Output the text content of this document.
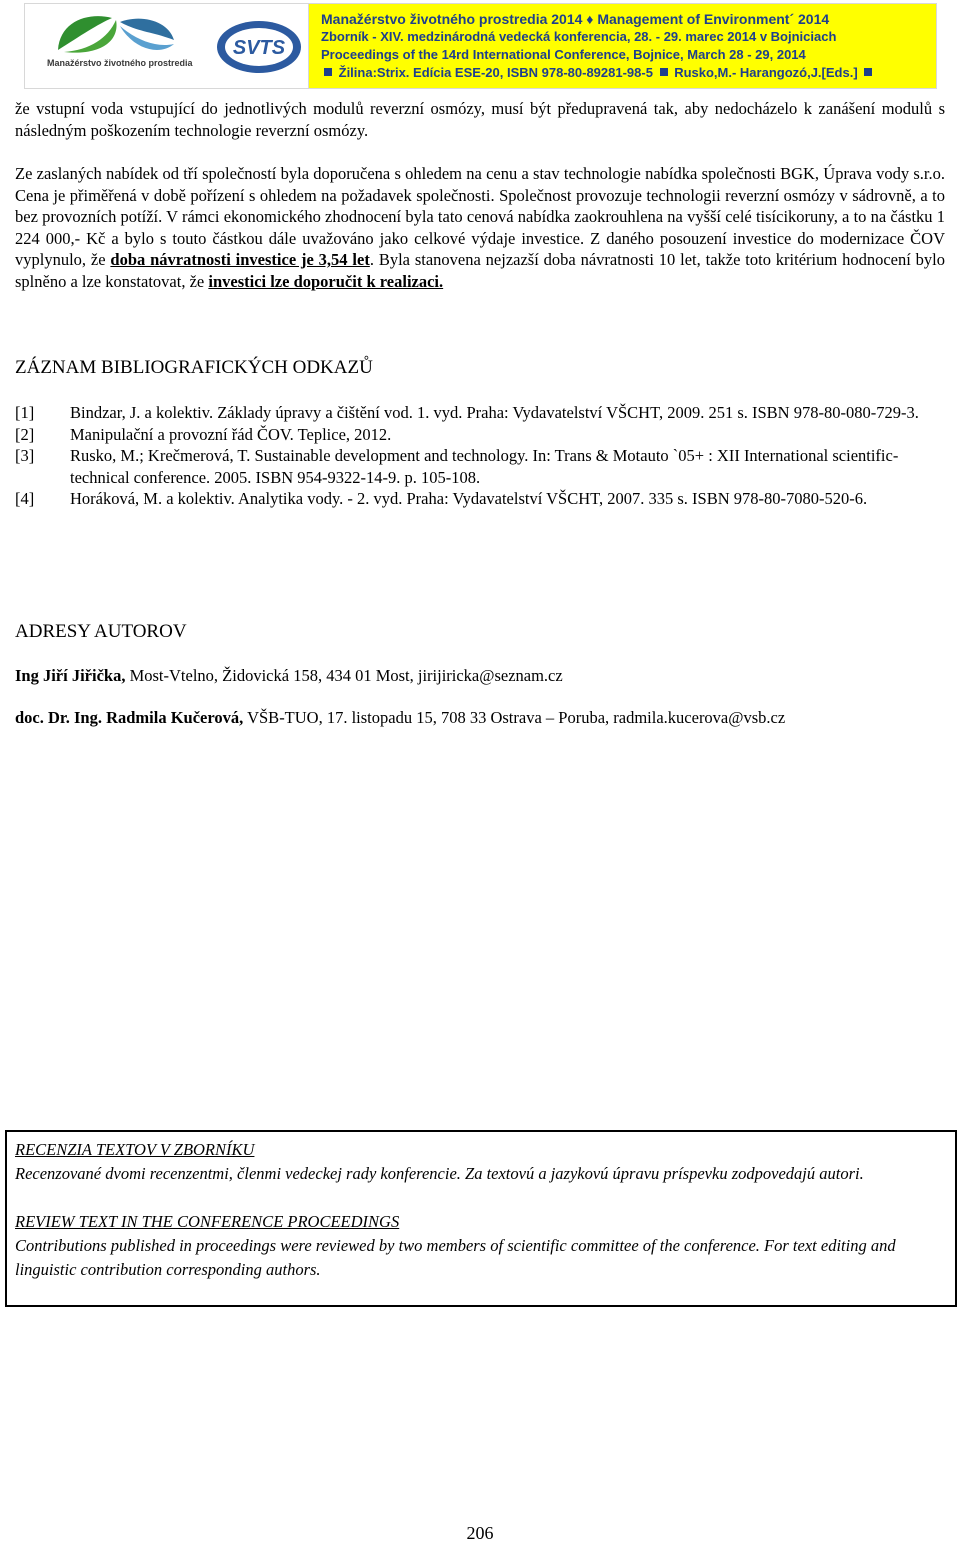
Manažérstvo životného prostredia
SVTS
Manažérstvo životného prostredia 2014 ♦ Management of Environment´ 2014
Zborník - XIV. medzinárodná vedecká konferencia, 28. - 29. marec 2014 v Bojniciach
Proceedings of the 14rd International Conference, Bojnice, March 28 - 29, 2014
Žilina:Strix. Edícia ESE-20, ISBN 978-80-89281-98-5 Rusko,M.- Harangozó,J.[Eds.]

že vstupní voda vstupující do jednotlivých modulů reverzní osmózy, musí být předupravená tak, aby nedocházelo k zanášení modulů s následným poškozením technologie reverzní osmózy.

Ze zaslaných nabídek od tří společností byla doporučena s ohledem na cenu a stav technologie nabídka společnosti BGK, Úprava vody s.r.o. Cena je přiměřená v době pořízení s ohledem na požadavek společnosti. Společnost provozuje technologii reverzní osmózy v sádrovně, a to bez provozních potíží. V rámci ekonomického zhodnocení byla tato cenová nabídka zaokrouhlena na vyšší celé tisícikoruny, a to na částku 1 224 000,- Kč a bylo s touto částkou dále uvažováno jako celkové výdaje investice. Z daného posouzení investice do modernizace ČOV vyplynulo, že doba návratnosti investice je 3,54 let. Byla stanovena nejzazší doba návratnosti 10 let, takže toto kritérium hodnocení bylo splněno a lze konstatovat, že investici lze doporučit k realizaci.

ZÁZNAM BIBLIOGRAFICKÝCH ODKAZŮ
[1]	Bindzar, J. a kolektiv. Základy úpravy a čištění vod. 1. vyd. Praha: Vydavatelství VŠCHT, 2009. 251 s. ISBN 978-80-080-729-3.
[2]	Manipulační a provozní řád ČOV. Teplice, 2012.
[3]	Rusko, M.; Krečmerová, T. Sustainable development and technology. In: Trans & Motauto `05+ : XII International scientific-technical conference. 2005. ISBN 954-9322-14-9. p. 105-108.
[4]	Horáková, M. a kolektiv. Analytika vody. - 2. vyd. Praha: Vydavatelství VŠCHT, 2007. 335 s. ISBN 978-80-7080-520-6.
ADRESY AUTOROV

Ing Jiří Jiřička, Most-Vtelno, Židovická 158, 434 01 Most, jirijiricka@seznam.cz

doc. Dr. Ing. Radmila Kučerová, VŠB-TUO, 17. listopadu 15, 708 33 Ostrava – Poruba, radmila.kucerova@vsb.cz

RECENZIA TEXTOV V ZBORNÍKU

Recenzované dvomi recenzentmi, členmi vedeckej rady konferencie. Za textovú a jazykovú úpravu príspevku zodpovedajú autori.

REVIEW TEXT IN THE CONFERENCE PROCEEDINGS

Contributions published in proceedings were reviewed by two members of scientific committee of the conference. For text editing and linguistic contribution corresponding authors.

206
